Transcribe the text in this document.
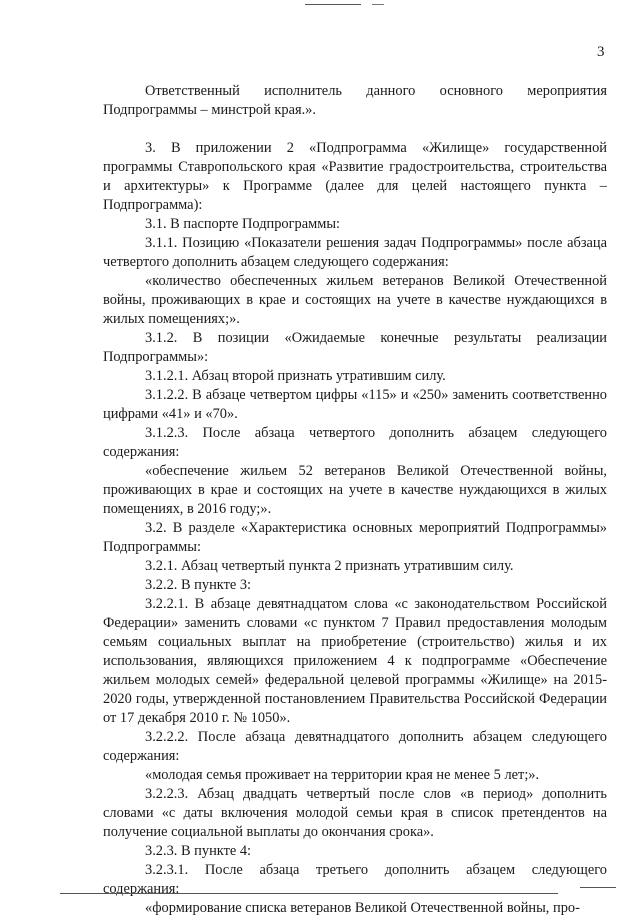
3

Ответственный исполнитель данного основного мероприятия Подпрограммы – минстрой края.».

3. В приложении 2 «Подпрограмма «Жилище» государственной программы Ставропольского края «Развитие градостроительства, строительства и архитектуры» к Программе (далее для целей настоящего пункта – Подпрограмма):

3.1. В паспорте Подпрограммы:

3.1.1. Позицию «Показатели решения задач Подпрограммы» после абзаца четвертого дополнить абзацем следующего содержания:

«количество обеспеченных жильем ветеранов Великой Отечественной войны, проживающих в крае и состоящих на учете в качестве нуждающихся в жилых помещениях;».

3.1.2. В позиции «Ожидаемые конечные результаты реализации Подпрограммы»:

3.1.2.1. Абзац второй признать утратившим силу.

3.1.2.2. В абзаце четвертом цифры «115» и «250» заменить соответственно цифрами «41» и «70».

3.1.2.3. После абзаца четвертого дополнить абзацем следующего содержания:

«обеспечение жильем 52 ветеранов Великой Отечественной войны, проживающих в крае и состоящих на учете в качестве нуждающихся в жилых помещениях, в 2016 году;».

3.2. В разделе «Характеристика основных мероприятий Подпрограммы» Подпрограммы:

3.2.1. Абзац четвертый пункта 2 признать утратившим силу.

3.2.2. В пункте 3:

3.2.2.1. В абзаце девятнадцатом слова «с законодательством Российской Федерации» заменить словами «с пунктом 7 Правил предоставления молодым семьям социальных выплат на приобретение (строительство) жилья и их использования, являющихся приложением 4 к подпрограмме «Обеспечение жильем молодых семей» федеральной целевой программы «Жилище» на 2015-2020 годы, утвержденной постановлением Правительства Российской Федерации от 17 декабря 2010 г. № 1050».

3.2.2.2. После абзаца девятнадцатого дополнить абзацем следующего содержания:

«молодая семья проживает на территории края не менее 5 лет;».

3.2.2.3. Абзац двадцать четвертый после слов «в период» дополнить словами «с даты включения молодой семьи края в список претендентов на получение социальной выплаты до окончания срока».

3.2.3. В пункте 4:

3.2.3.1. После абзаца третьего дополнить абзацем следующего содержания:

«формирование списка ветеранов Великой Отечественной войны, про-
